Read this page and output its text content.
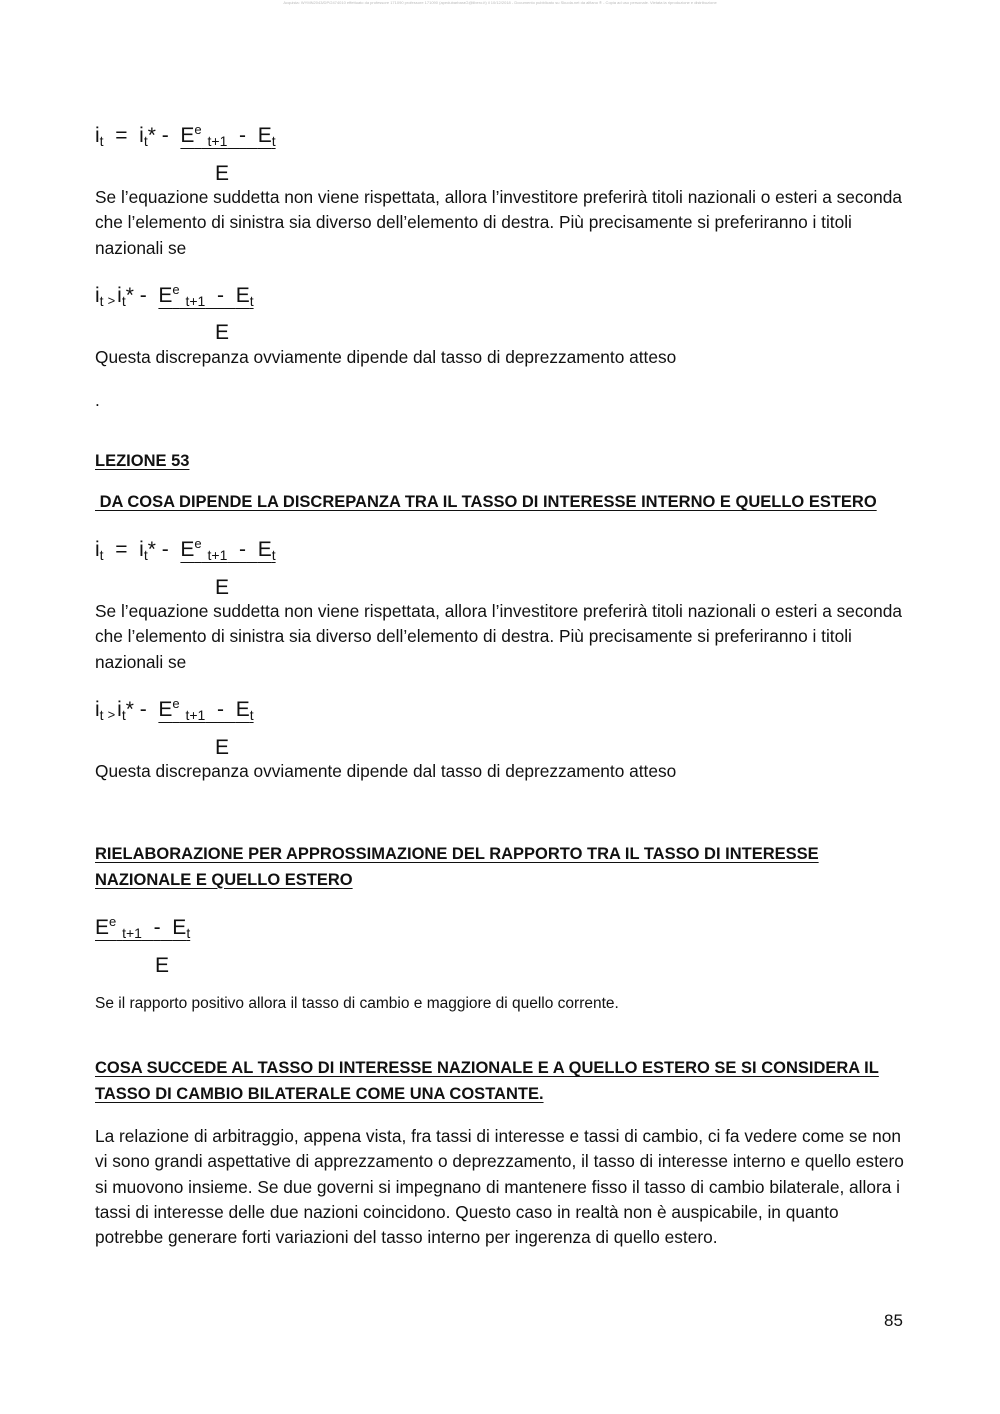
Acquista: WYMN2043/DP/2474010 effettuato da professore 171090 professore 171090 (apedubarbaraG@libero.it) il 10/12/2018 - Documento pubblicato su Skuola.net da alfiano ® - Copia ad uso personale. Vietata la riproduzione e distribuzione
$i_t = i_t* - E^e$ $_{t+1} - E_t$
E
Se l’equazione suddetta non viene rispettata, allora l’investitore preferirà titoli nazionali o esteri a seconda che l’elemento di sinistra sia diverso dell’elemento di destra. Più precisamente si preferiranno i titoli nazionali se
$i_t >i_t* - E^e$ $_{t+1} - E_t$
E
Questa discrepanza ovviamente dipende dal tasso di deprezzamento atteso
.
LEZIONE 53
DA COSA DIPENDE LA DISCREPANZA TRA IL TASSO DI INTERESSE INTERNO E QUELLO ESTERO
$i_t = i_t* - E^e$ $_{t+1} - E_t$
E
Se l’equazione suddetta non viene rispettata, allora l’investitore preferirà titoli nazionali o esteri a seconda che l’elemento di sinistra sia diverso dell’elemento di destra. Più precisamente si preferiranno i titoli nazionali se
$i_t >i_t* - E^e$ $_{t+1} - E_t$
E
Questa discrepanza ovviamente dipende dal tasso di deprezzamento atteso
RIELABORAZIONE PER APPROSSIMAZIONE DEL RAPPORTO TRA IL TASSO DI INTERESSE NAZIONALE E QUELLO ESTERO
$E^e$ $_{t+1} - E_t$
E
Se il rapporto positivo allora il tasso di cambio e maggiore di quello corrente.
COSA SUCCEDE AL TASSO DI INTERESSE NAZIONALE E A QUELLO ESTERO SE SI CONSIDERA IL TASSO DI CAMBIO BILATERALE COME UNA COSTANTE.
La relazione di arbitraggio, appena vista, fra tassi di interesse e tassi di cambio, ci fa vedere come se non vi sono grandi aspettative di apprezzamento o deprezzamento, il tasso di interesse interno e quello estero si muovono insieme. Se due governi si impegnano di mantenere fisso il tasso di cambio bilaterale, allora i tassi di interesse delle due nazioni coincidono. Questo caso in realtà non è auspicabile, in quanto potrebbe generare forti variazioni del tasso interno per ingerenza di quello estero.
85
